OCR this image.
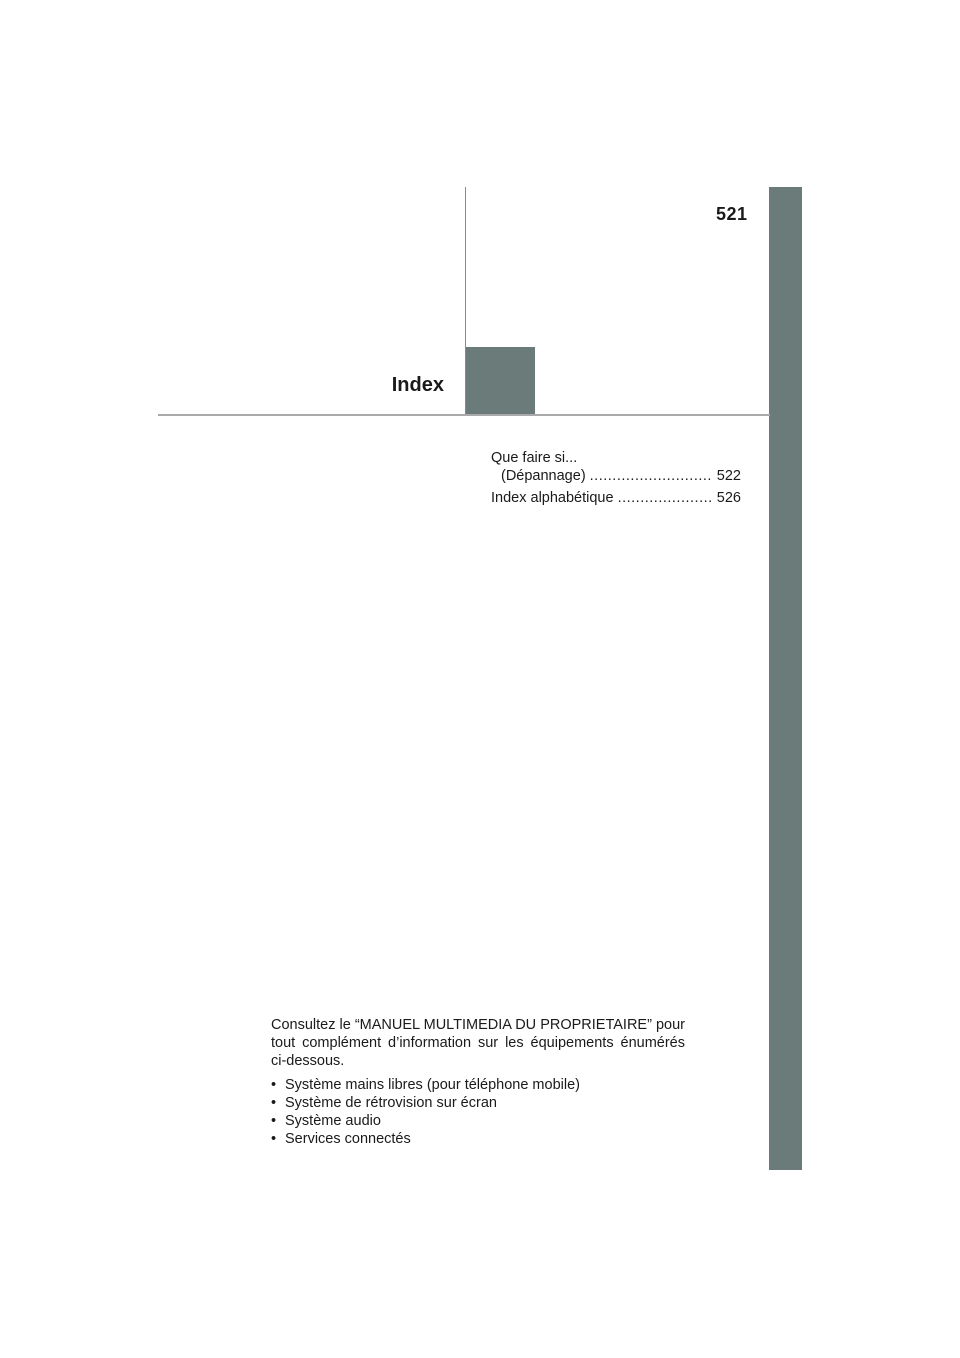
521
Index
Que faire si...
(Dépannage) .....	522
Index alphabétique .....	526

Consultez le “MANUEL MULTIMEDIA DU PROPRIETAIRE” pour tout complément d’information sur les équipements énumérés ci-dessous.

• Système mains libres (pour téléphone mobile)
• Système de rétrovision sur écran
• Système audio
• Services connectés
